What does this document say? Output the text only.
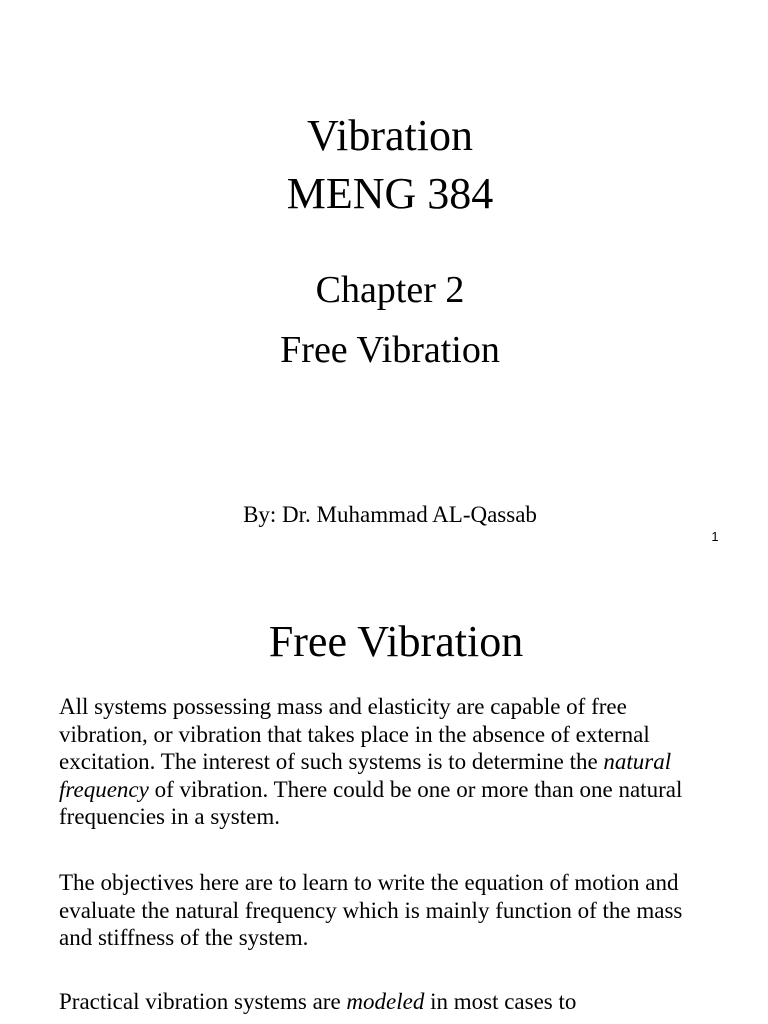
Vibration
MENG 384
Chapter 2
Free Vibration
By: Dr. Muhammad AL-Qassab
1
Free Vibration

All systems possessing mass and elasticity are capable of free vibration, or vibration that takes place in the absence of external excitation. The interest of such systems is to determine the natural frequency of vibration. There could be one or more than one natural frequencies in a system.

The objectives here are to learn to write the equation of motion and evaluate the natural frequency which is mainly function of the mass and stiffness of the system.

Practical vibration systems are modeled in most cases to
